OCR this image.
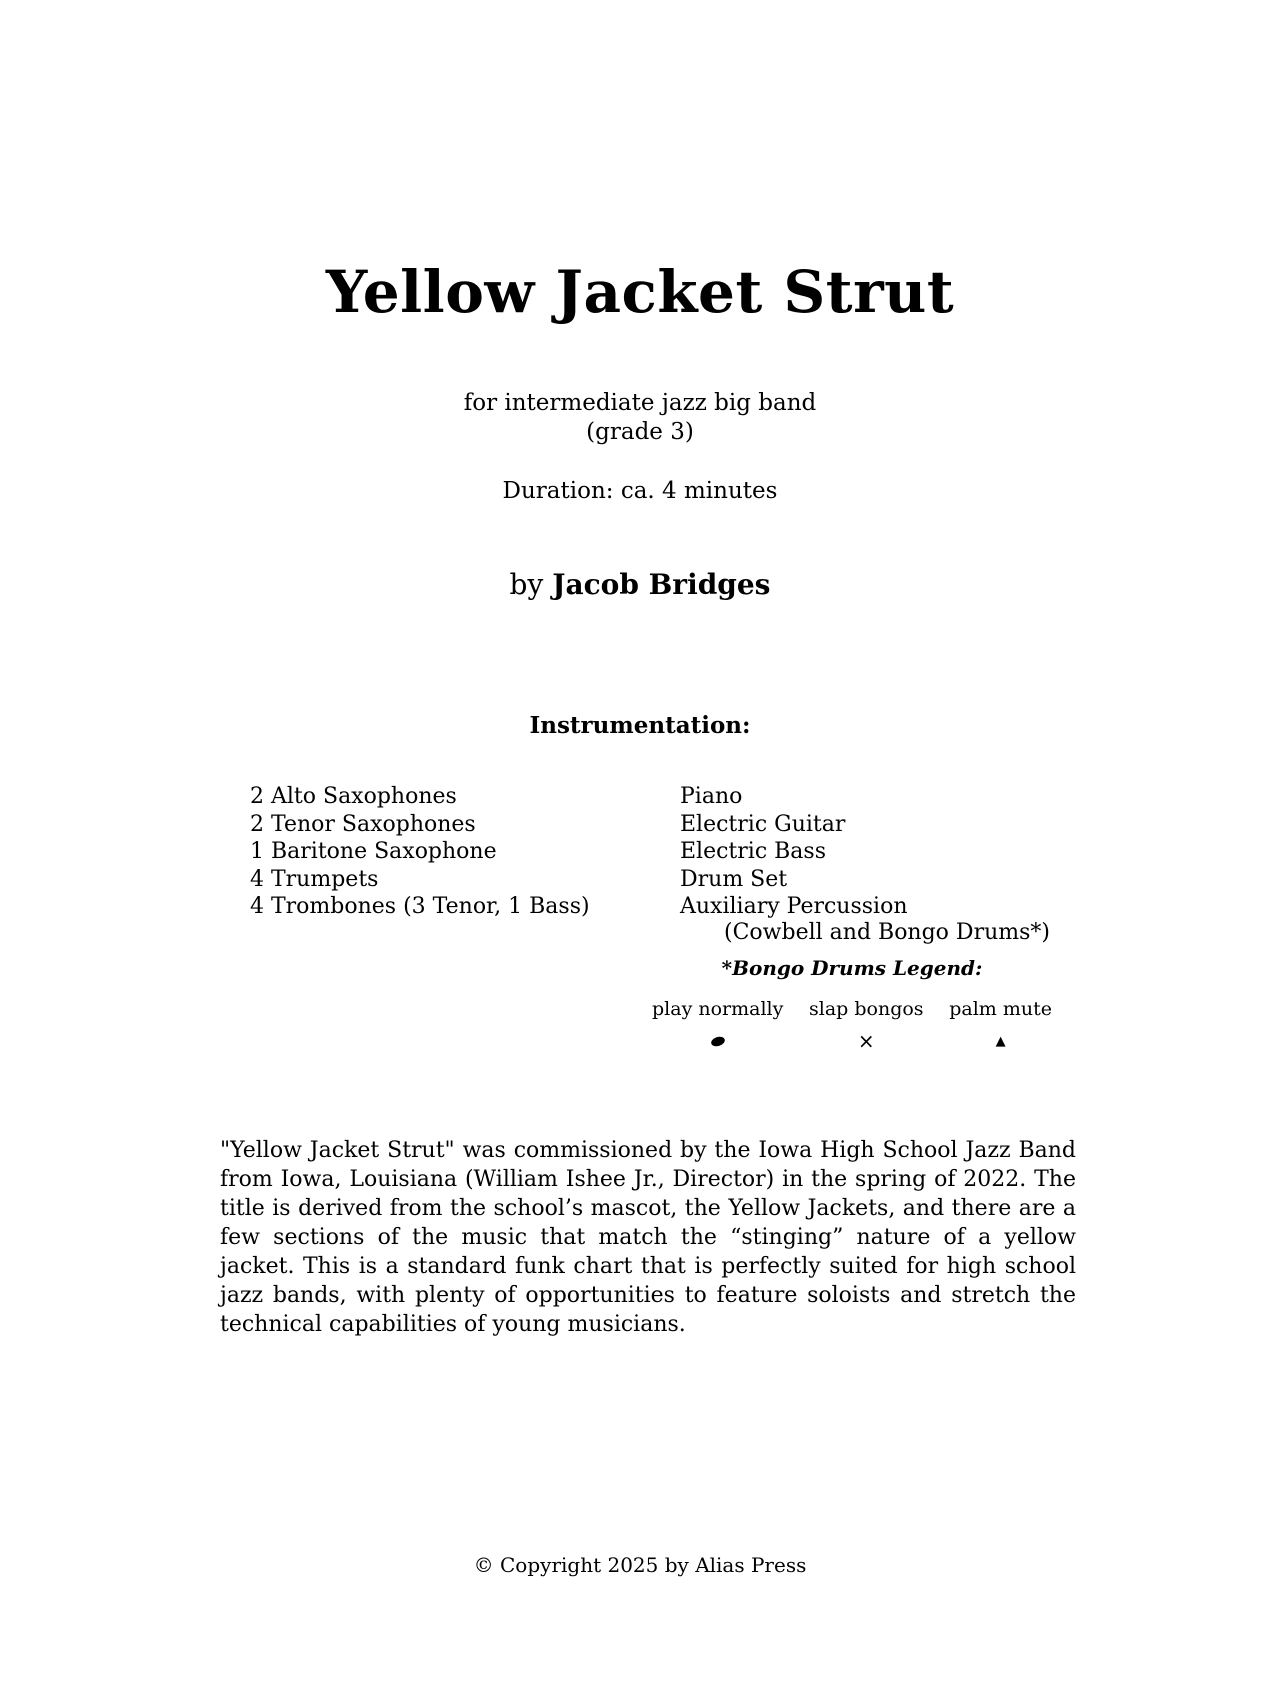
Yellow Jacket Strut
for intermediate jazz big band
(grade 3)
Duration: ca. 4 minutes
by Jacob Bridges
Instrumentation:
2 Alto Saxophones
2 Tenor Saxophones
1 Baritone Saxophone
4 Trumpets
4 Trombones (3 Tenor, 1 Bass)
Piano
Electric Guitar
Electric Bass
Drum Set
Auxiliary Percussion
(Cowbell and Bongo Drums*)
*Bongo Drums Legend:
play normally slap bongos
×
palm mute
▲
"Yellow Jacket Strut" was commissioned by the Iowa High School Jazz Band from Iowa, Louisiana (William Ishee Jr., Director) in the spring of 2022. The title is derived from the school’s mascot, the Yellow Jackets, and there are a few sections of the music that match the “stinging” nature of a yellow jacket. This is a standard funk chart that is perfectly suited for high school jazz bands, with plenty of opportunities to feature soloists and stretch the technical capabilities of young musicians.
© Copyright 2025 by Alias Press
